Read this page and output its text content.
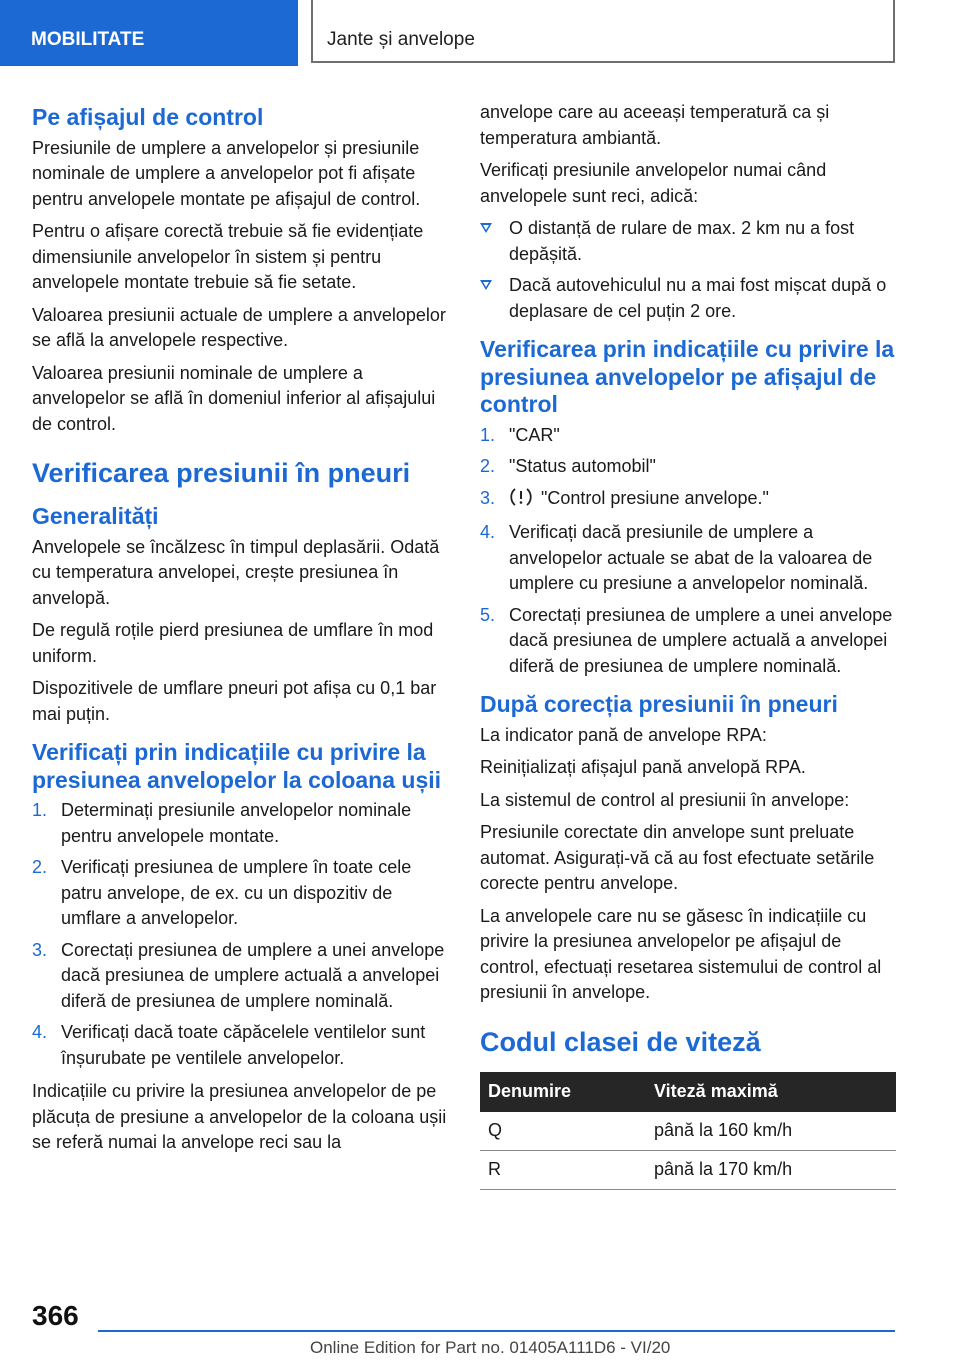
MOBILITATE	Jante și anvelope
Pe afișajul de control

Presiunile de umplere a anvelopelor și presiunile nominale de umplere a anvelopelor pot fi afișate pentru anvelopele montate pe afișajul de control.

Pentru o afișare corectă trebuie să fie evidențiate dimensiunile anvelopelor în sistem și pentru anvelopele montate trebuie să fie setate.

Valoarea presiunii actuale de umplere a anvelopelor se află la anvelopele respective.

Valoarea presiunii nominale de umplere a anvelopelor se află în domeniul inferior al afișajului de control.

Verificarea presiunii în pneuri
Generalități

Anvelopele se încălzesc în timpul deplasării. Odată cu temperatura anvelopei, crește presiunea în anvelopă.

De regulă roțile pierd presiunea de umflare în mod uniform.

Dispozitivele de umflare pneuri pot afișa cu 0,1 bar mai puțin.

Verificați prin indicațiile cu privire la presiunea anvelopelor la coloana ușii
1. Determinați presiunile anvelopelor nominale pentru anvelopele montate.
2. Verificați presiunea de umplere în toate cele patru anvelope, de ex. cu un dispozitiv de umflare a anvelopelor.
3. Corectați presiunea de umplere a unei anvelope dacă presiunea de umplere actuală a anvelopei diferă de presiunea de umplere nominală.
4. Verificați dacă toate căpăcelele ventilelor sunt înșurubate pe ventilele anvelopelor.

Indicațiile cu privire la presiunea anvelopelor de pe plăcuța de presiune a anvelopelor de la coloana ușii se referă numai la anvelope reci sau la

anvelope care au aceeași temperatură ca și temperatura ambiantă.

Verificați presiunile anvelopelor numai când anvelopele sunt reci, adică:

O distanță de rulare de max. 2 km nu a fost depășită.
Dacă autovehiculul nu a mai fost mișcat după o deplasare de cel puțin 2 ore.
Verificarea prin indicațiile cu privire la presiunea anvelopelor pe afișajul de control
1. "CAR"
2. "Status automobil"
3.	"Control presiune anvelope."
4. Verificați dacă presiunile de umplere a anvelopelor actuale se abat de la valoarea de umplere cu presiune a anvelopelor nominală.
5. Corectați presiunea de umplere a unei anvelope dacă presiunea de umplere actuală a anvelopei diferă de presiunea de umplere nominală.
După corecția presiunii în pneuri

La indicator pană de anvelope RPA:

Reinițializați afișajul pană anvelopă RPA.

La sistemul de control al presiunii în anvelope:

Presiunile corectate din anvelope sunt preluate automat. Asigurați-vă că au fost efectuate setările corecte pentru anvelope.

La anvelopele care nu se găsesc în indicațiile cu privire la presiunea anvelopelor pe afișajul de control, efectuați resetarea sistemului de control al presiunii în anvelope.

Codul clasei de viteză
Denumire	Viteză maximă
Q	până la 160 km/h
R	până la 170 km/h
366
Online Edition for Part no. 01405A111D6 - VI/20
